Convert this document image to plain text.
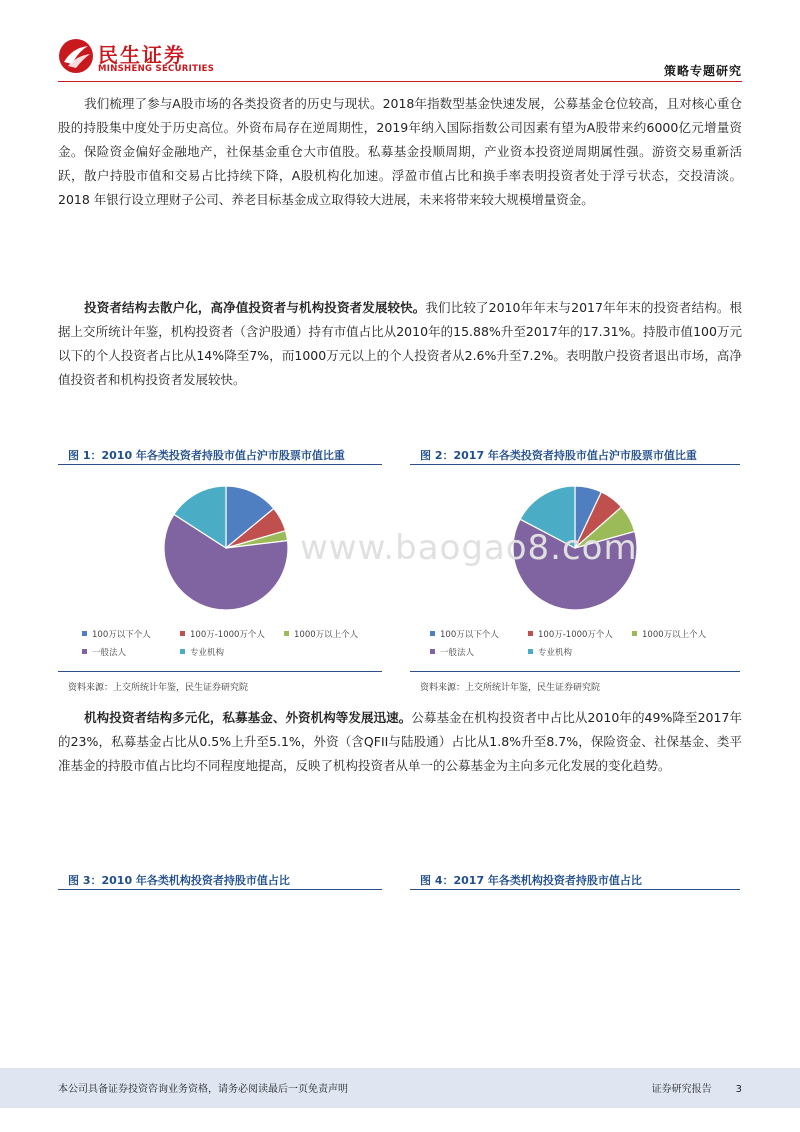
民生证券
MINSHENG SECURITIES	策略专题研究
我们梳理了参与A股市场的各类投资者的历史与现状。2018年指数型基金快速发展，公募基金仓位较高，且对核心重仓股的持股集中度处于历史高位。外资布局存在逆周期性，2019年纳入国际指数公司因素有望为A股带来约6000亿元增量资金。保险资金偏好金融地产，社保基金重仓大市值股。私募基金投顺周期，产业资本投资逆周期属性强。游资交易重新活跃，散户持股市值和交易占比持续下降，A股机构化加速。浮盈市值占比和换手率表明投资者处于浮亏状态，交投清淡。2018 年银行设立理财子公司、养老目标基金成立取得较大进展，未来将带来较大规模增量资金。
投资者结构去散户化，高净值投资者与机构投资者发展较快。我们比较了2010年年末与2017年年末的投资者结构。根据上交所统计年鉴，机构投资者（含沪股通）持有市值占比从2010年的15.88%升至2017年的17.31%。持股市值100万元以下的个人投资者占比从14%降至7%，而1000万元以上的个人投资者从2.6%升至7.2%。表明散户投资者退出市场，高净值投资者和机构投资者发展较快。
图 1：2010 年各类投资者持股市值占沪市股票市值比重
100万以下个人	100万-1000万个人	1000万以上个人
一般法人	专业机构
资料来源：上交所统计年鉴，民生证券研究院
图 2：2017 年各类投资者持股市值占沪市股票市值比重
100万以下个人	100万-1000万个人	1000万以上个人
一般法人	专业机构
资料来源：上交所统计年鉴，民生证券研究院
www.baogao8.com
机构投资者结构多元化，私募基金、外资机构等发展迅速。公募基金在机构投资者中占比从2010年的49%降至2017年的23%，私募基金占比从0.5%上升至5.1%，外资（含QFII与陆股通）占比从1.8%升至8.7%，保险资金、社保基金、类平准基金的持股市值占比均不同程度地提高，反映了机构投资者从单一的公募基金为主向多元化发展的变化趋势。
图 3：2010 年各类机构投资者持股市值占比	图 4：2017 年各类机构投资者持股市值占比
本公司具备证券投资咨询业务资格，请务必阅读最后一页免责声明	证券研究报告 3
